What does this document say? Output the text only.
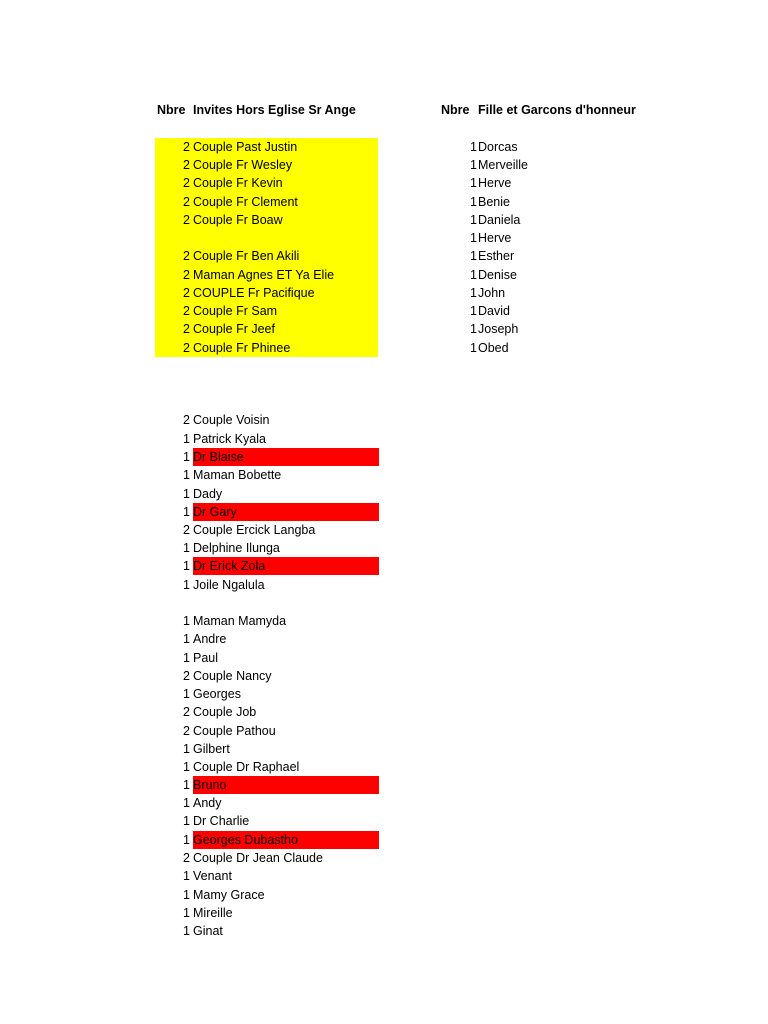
Nbre Invites Hors Eglise Sr Ange	Nbre Fille et Garcons d'honneur
2 Couple Past Justin
2 Couple Fr Wesley
2 Couple Fr Kevin
2 Couple Fr Clement
2 Couple Fr Boaw
2 Couple Fr Ben Akili
2 Maman Agnes ET Ya Elie
2 COUPLE Fr Pacifique
2 Couple Fr Sam
2 Couple Fr Jeef
2 Couple Fr Phinee
2 Couple Voisin
1 Patrick Kyala
1 Dr Blaise
1 Maman Bobette
1 Dady
1 Dr Gary
2 Couple Ercick Langba
1 Delphine Ilunga
1 Dr Erick Zola
1 Joile Ngalula
1 Maman Mamyda
1 Andre
1 Paul
2 Couple Nancy
1 Georges
2 Couple Job
2 Couple Pathou
1 Gilbert
1 Couple Dr Raphael
1 Bruno
1 Andy
1 Dr Charlie
1 Georges Dubastho
2 Couple Dr Jean Claude
1 Venant
1 Mamy Grace
1 Mireille
1 Ginat
1 Dorcas
1 Merveille
1 Herve
1 Benie
1 Daniela
1 Herve
1 Esther
1 Denise
1 John
1 David
1 Joseph
1 Obed
